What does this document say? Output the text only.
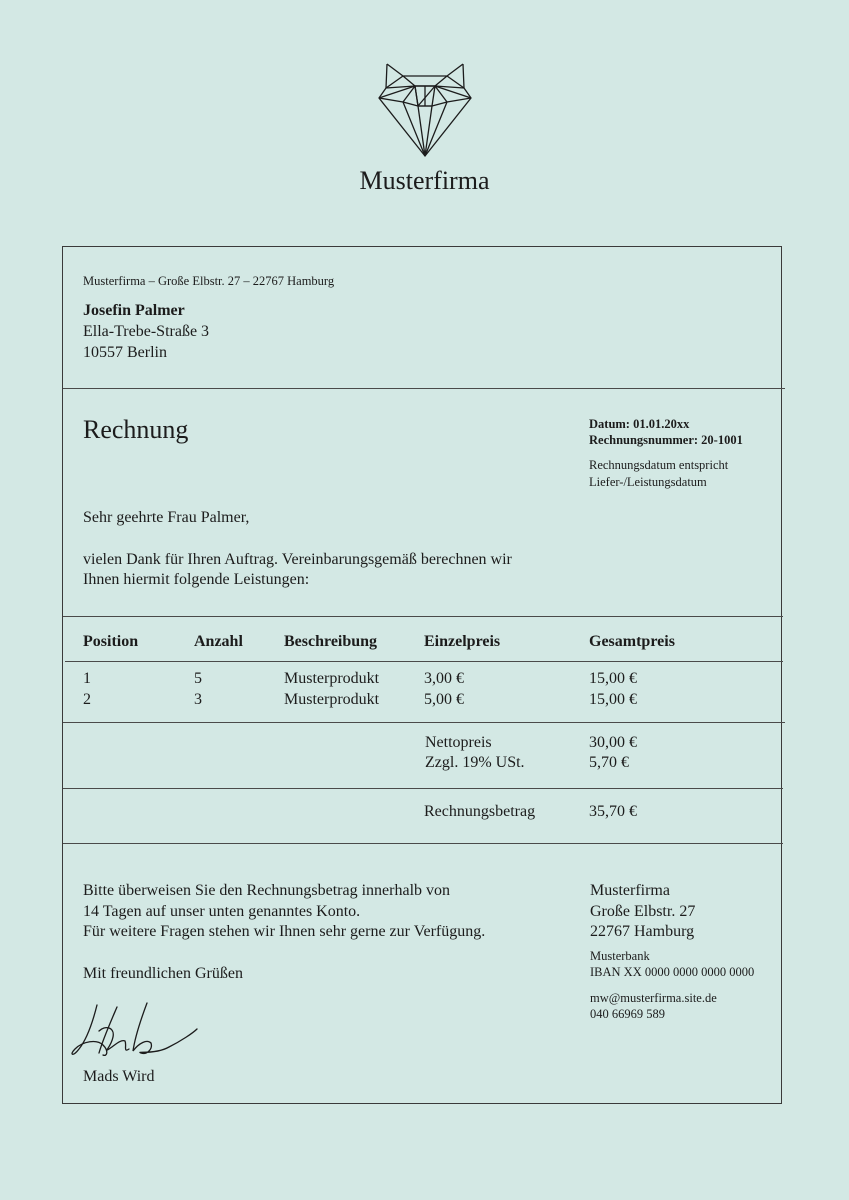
Musterfirma
Musterfirma – Große Elbstr. 27 – 22767 Hamburg
Josefin Palmer
Ella-Trebe-Straße 3
10557 Berlin
Rechnung	Datum: 01.01.20xx
Rechnungsnummer: 20-1001
Rechnungsdatum entspricht
Liefer-/Leistungsdatum
Sehr geehrte Frau Palmer,
vielen Dank für Ihren Auftrag. Vereinbarungsgemäß berechnen wir
Ihnen hiermit folgende Leistungen:
Position	Anzahl	Beschreibung	Einzelpreis	Gesamtpreis
1	5	Musterprodukt	3,00 €	15,00 €
2	3	Musterprodukt	5,00 €	15,00 €
Nettopreis	30,00 €
Zzgl. 19% USt.	5,70 €
Rechnungsbetrag	35,70 €
Bitte überweisen Sie den Rechnungsbetrag innerhalb von
14 Tagen auf unser unten genanntes Konto.
Für weitere Fragen stehen wir Ihnen sehr gerne zur Verfügung.
Mit freundlichen Grüßen
Mads Wird
Musterfirma
Große Elbstr. 27
22767 Hamburg
Musterbank
IBAN XX 0000 0000 0000 0000
mw@musterfirma.site.de
040 66969 589
